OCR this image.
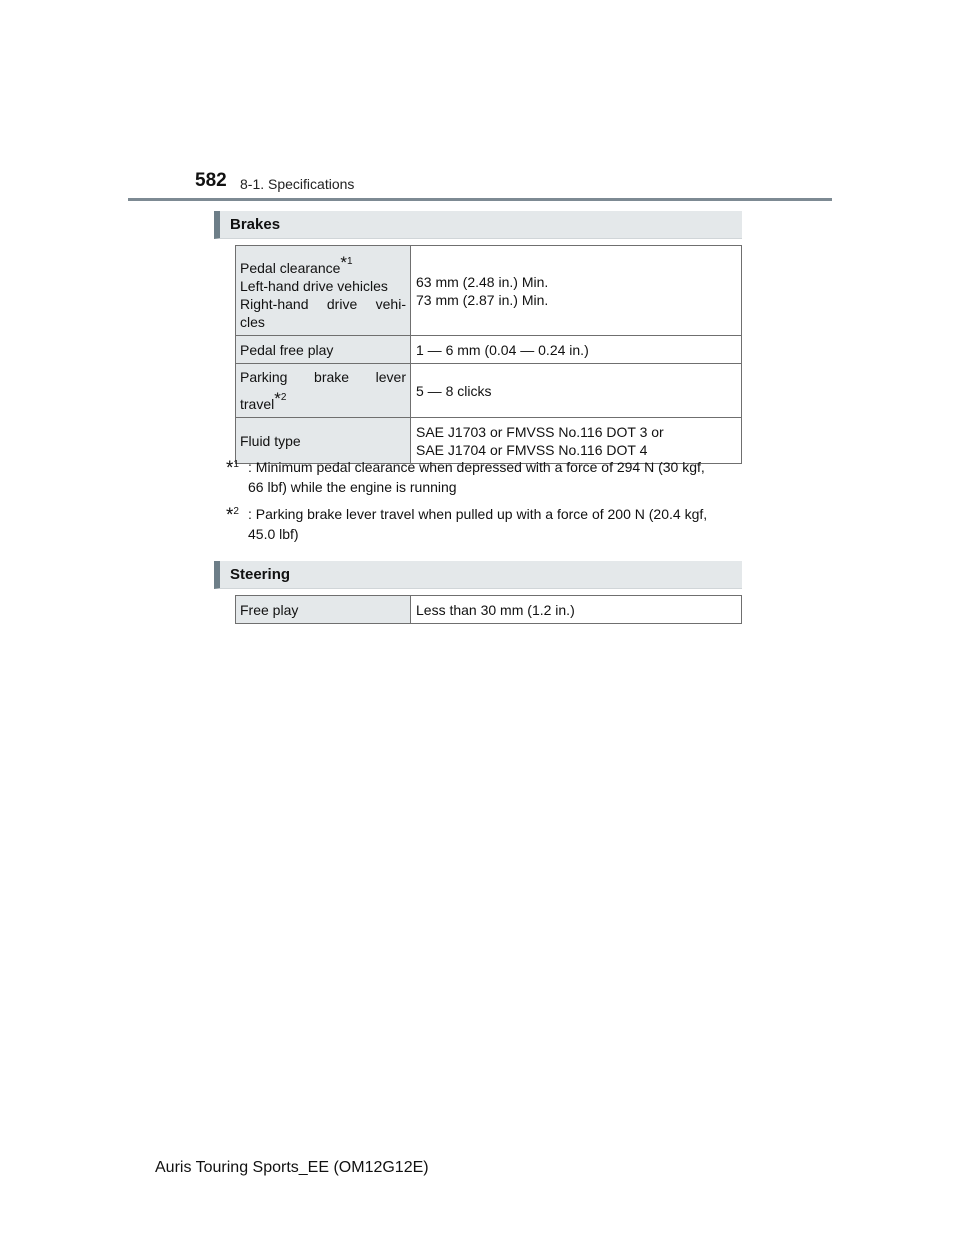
582 8-1. Specifications
Brakes
Pedal clearance$^{*1}$
Left-hand drive vehicles
Right-hand drive vehi-
cles	63 mm (2.48 in.) Min.
73 mm (2.87 in.) Min.

Pedal free play	1 — 6 mm (0.04 — 0.24 in.)

Parking brake lever
travel$^{*2}$	5 — 8 clicks
Fluid type	SAE J1703 or FMVSS No.116 DOT 3 or
SAE J1704 or FMVSS No.116 DOT 4
*$^1$ : Minimum pedal clearance when depressed with a force of 294 N (30 kgf,
66 lbf) while the engine is running
*$^2$ : Parking brake lever travel when pulled up with a force of 200 N (20.4 kgf,
45.0 lbf)
Steering
Free play	Less than 30 mm (1.2 in.)
Auris Touring Sports_EE (OM12G12E)
